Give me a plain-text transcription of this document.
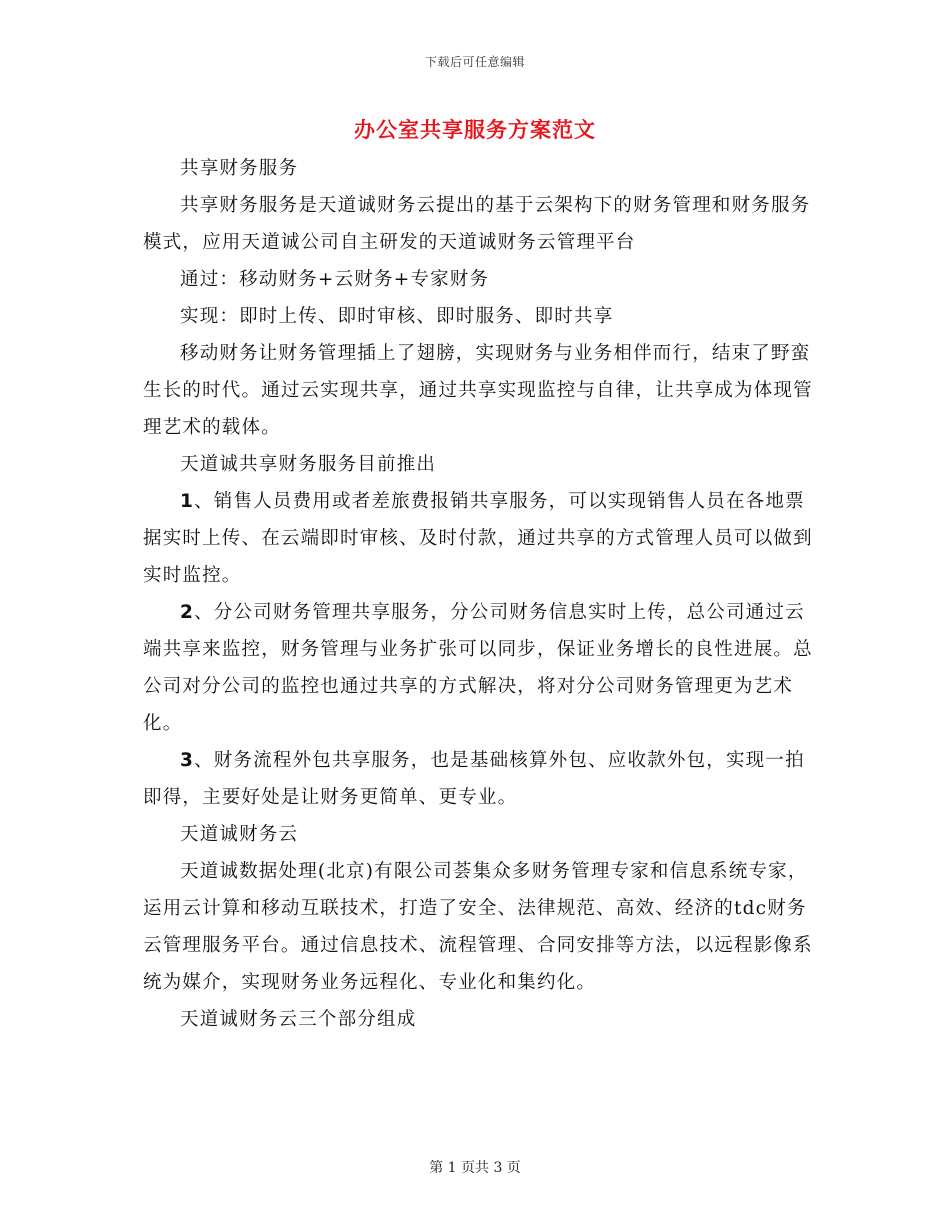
下载后可任意编辑
办公室共享服务方案范文

共享财务服务

共享财务服务是天道诚财务云提出的基于云架构下的财务管理和财务服务模式，应用天道诚公司自主研发的天道诚财务云管理平台

通过：移动财务+云财务+专家财务

实现：即时上传、即时审核、即时服务、即时共享

移动财务让财务管理插上了翅膀，实现财务与业务相伴而行，结束了野蛮生长的时代。通过云实现共享，通过共享实现监控与自律，让共享成为体现管理艺术的载体。

天道诚共享财务服务目前推出

1、销售人员费用或者差旅费报销共享服务，可以实现销售人员在各地票据实时上传、在云端即时审核、及时付款，通过共享的方式管理人员可以做到实时监控。

2、分公司财务管理共享服务，分公司财务信息实时上传，总公司通过云端共享来监控，财务管理与业务扩张可以同步，保证业务增长的良性进展。总公司对分公司的监控也通过共享的方式解决，将对分公司财务管理更为艺术化。

3、财务流程外包共享服务，也是基础核算外包、应收款外包，实现一拍即得，主要好处是让财务更简单、更专业。

天道诚财务云

天道诚数据处理(北京)有限公司荟集众多财务管理专家和信息系统专家，运用云计算和移动互联技术，打造了安全、法律规范、高效、经济的tdc财务云管理服务平台。通过信息技术、流程管理、合同安排等方法，以远程影像系统为媒介，实现财务业务远程化、专业化和集约化。

天道诚财务云三个部分组成

第 1 页共 3 页
